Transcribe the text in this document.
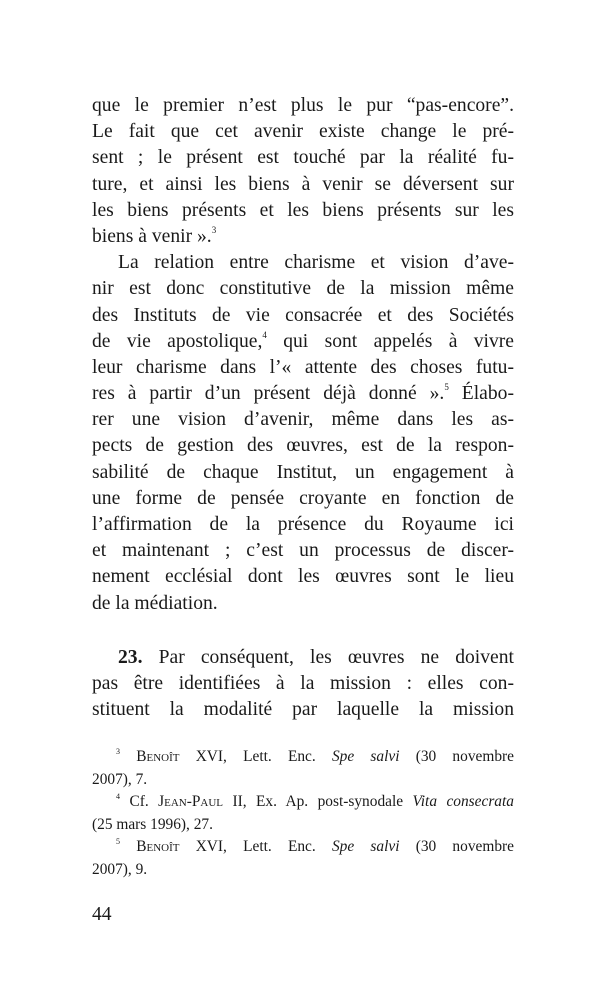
que le premier n’est plus le pur “pas-encore”.
Le fait que cet avenir existe change le pré-
sent ; le présent est touché par la réalité fu-
ture, et ainsi les biens à venir se déversent sur
les biens présents et les biens présents sur les
biens à venir ».$^3$
La relation entre charisme et vision d’ave-
nir est donc constitutive de la mission même
des Instituts de vie consacrée et des Sociétés
de vie apostolique,$^4$ qui sont appelés à vivre
leur charisme dans l’« attente des choses futu-
res à partir d’un présent déjà donné ».$^5$ Élabo-
rer une vision d’avenir, même dans les as-
pects de gestion des œuvres, est de la respon-
sabilité de chaque Institut, un engagement à
une forme de pensée croyante en fonction de
l’affirmation de la présence du Royaume ici
et maintenant ; c’est un processus de discer-
nement ecclésial dont les œuvres sont le lieu
de la médiation.
23. Par conséquent, les œuvres ne doivent
pas être identifiées à la mission : elles con-
stituent la modalité par laquelle la mission
$^3$ Benoît XVI, Lett. Enc. Spe salvi (30 novembre
2007), 7.
$^4$ Cf. Jean-Paul II, Ex. Ap. post-synodale Vita consecrata
(25 mars 1996), 27.
$^5$ Benoît XVI, Lett. Enc. Spe salvi (30 novembre
2007), 9.
44
